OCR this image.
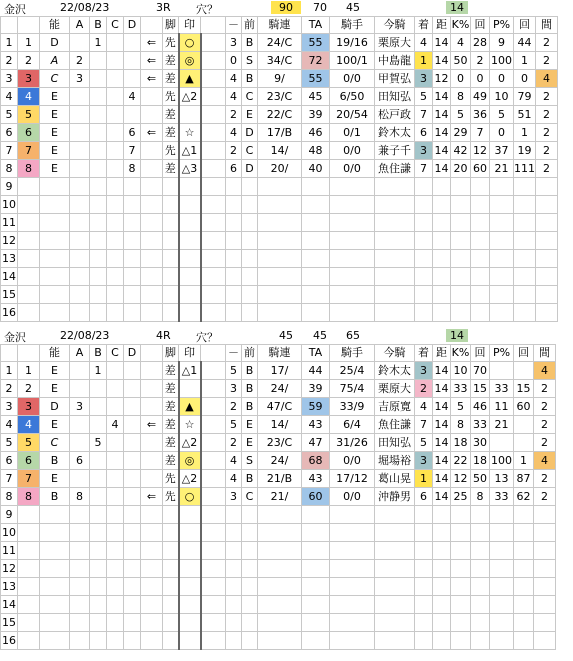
金沢	22/08/23	3R 穴？	90	70 45	14
		能	A	B	C	D		脚	印		－	前	騎連	TA	騎手	今騎	着	距	K%	回	P%	回	間
1	1	D		1			⇐	先	○		3	B	24/C	55	19/16	栗原大	4	14	4	28	9	44	2
2	2	A	2				⇐	差	◎		0	S	34/C	72	100/1	中島龍	1	14	50	2	100	1	2
3	3	C	3				⇐	差	▲		4	B	9/	55	0/0	甲賀弘	3	12	0	0	0	0	4
4	4	E				4		先	△2		4	C	23/C	45	6/50	田知弘	5	14	8	49	10	79	2
5	5	E						差			2	E	22/C	39	20/54	松戸政	7	14	5	36	5	51	2
6	6	E				6	⇐	差	☆		4	D	17/B	46	0/1	鈴木太	6	14	29	7	0	1	2
7	7	E				7		先	△1		2	C	14/	48	0/0	兼子千	3	14	42	12	37	19	2
8	8	E				8		差	△3		6	D	20/	40	0/0	魚住謙	7	14	20	60	21	111	2
9																							
10																							
11																							
12																							
13																							
14																							
15																							
16																							
金沢	22/08/23	4R 穴？	45 45 65	14
		能	A	B	C	D		脚	印		－	前	騎連	TA	騎手	今騎	着	距	K%	回	P%	回	間
1	1	E		1				差	△1		5	B	17/	44	25/4	鈴木太	3	14	10	70			4
2	2	E						差			3	B	24/	39	75/4	栗原大	2	14	33	15	33	15	2
3	3	D	3					差	▲		2	B	47/C	59	33/9	吉原寛	4	14	5	46	11	60	2
4	4	E			4		⇐	差	☆		5	E	14/	43	6/4	魚住謙	7	14	8	33	21		2
5	5	C		5				差	△2		2	E	23/C	47	31/26	田知弘	5	14	18	30			2
6	6	B	6					差	◎		4	S	24/	68	0/0	堀場裕	3	14	22	18	100	1	4
7	7	E						先	△2		4	B	21/B	43	17/12	葛山晃	1	14	12	50	13	87	2
8	8	B	8				⇐	先	○		3	C	21/	60	0/0	沖静男	6	14	25	8	33	62	2
9																							
10																							
11																							
12																							
13																							
14																							
15																							
16																							
